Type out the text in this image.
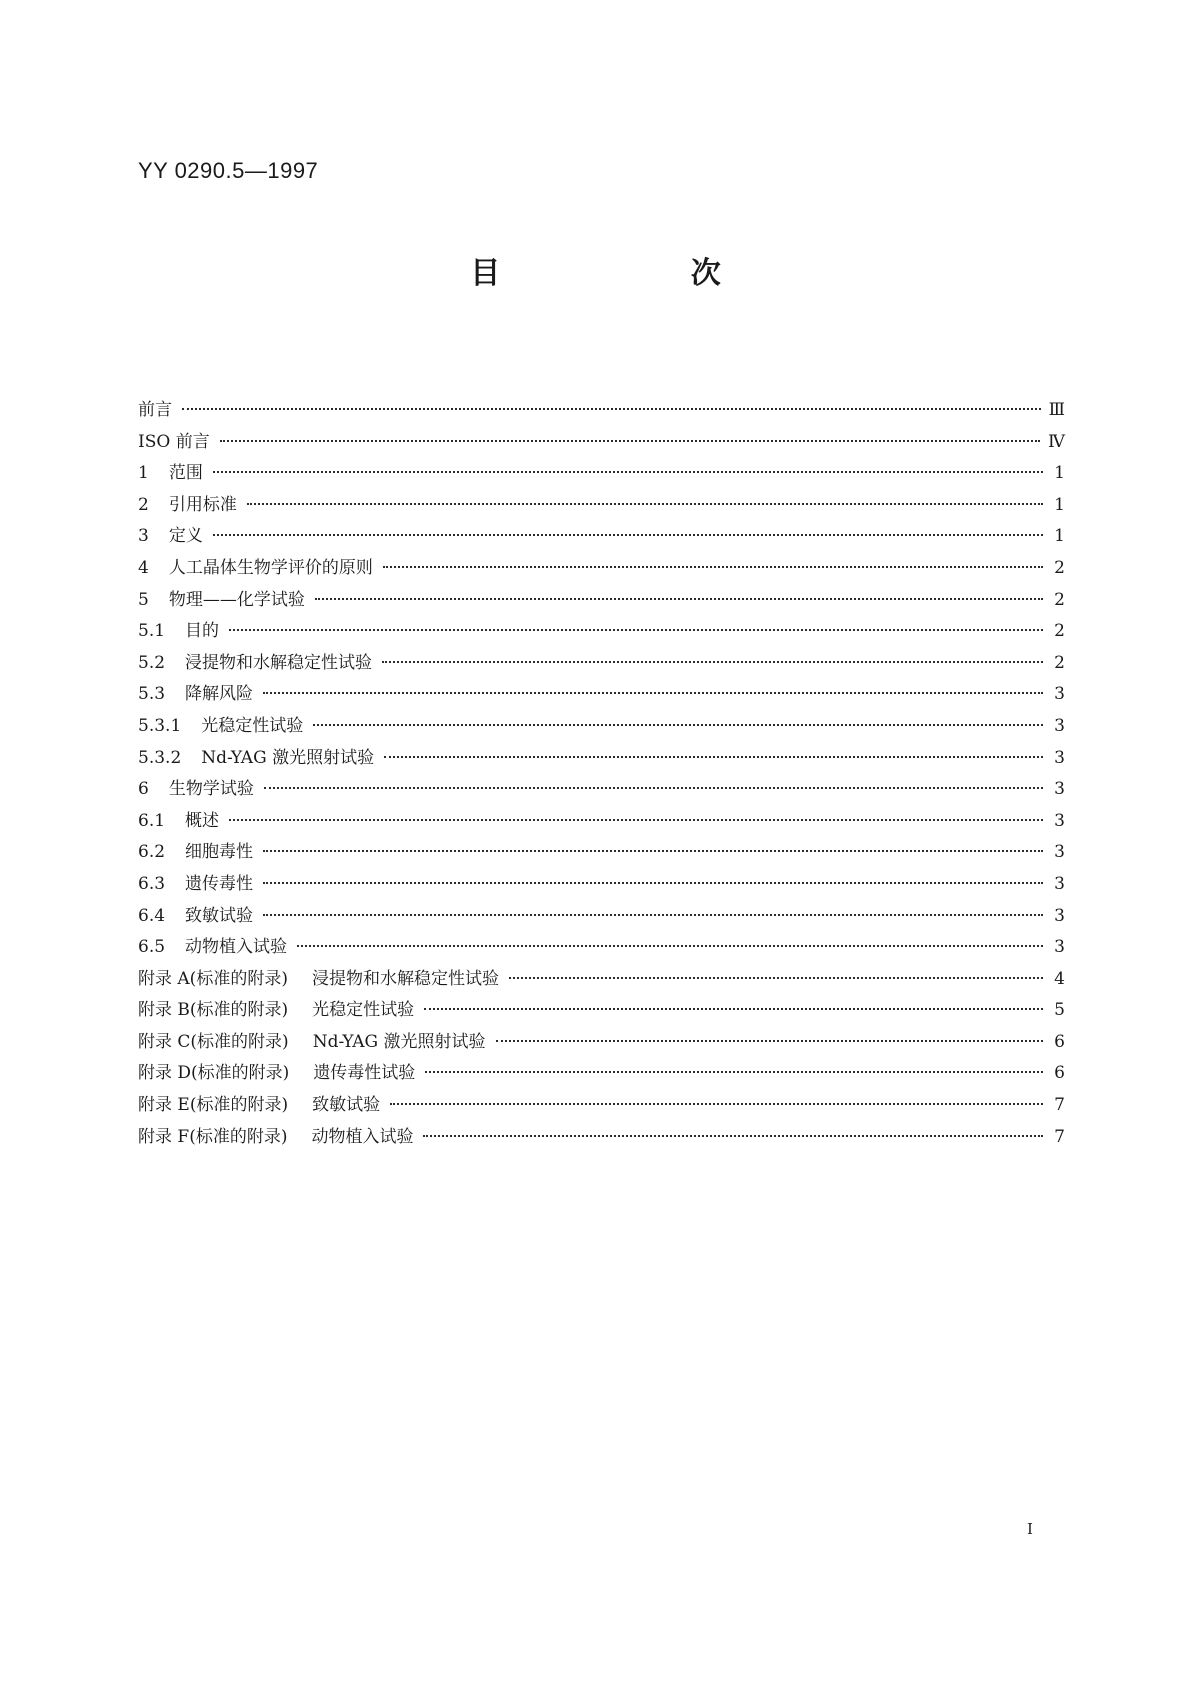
YY 0290.5—1997
目 次
前言	Ⅲ
ISO 前言	Ⅳ
1 范围	1
2 引用标准	1
3 定义	1
4 人工晶体生物学评价的原则	2
5 物理——化学试验	2
5.1 目的	2
5.2 浸提物和水解稳定性试验	2
5.3 降解风险	3
5.3.1 光稳定性试验	3
5.3.2 Nd-YAG 激光照射试验	3
6 生物学试验	3
6.1 概述	3
6.2 细胞毒性	3
6.3 遗传毒性	3
6.4 致敏试验	3
6.5 动物植入试验	3
附录 A(标准的附录) 浸提物和水解稳定性试验	4
附录 B(标准的附录) 光稳定性试验	5
附录 C(标准的附录) Nd-YAG 激光照射试验	6
附录 D(标准的附录) 遗传毒性试验	6
附录 E(标准的附录) 致敏试验	7
附录 F(标准的附录) 动物植入试验	7
I
